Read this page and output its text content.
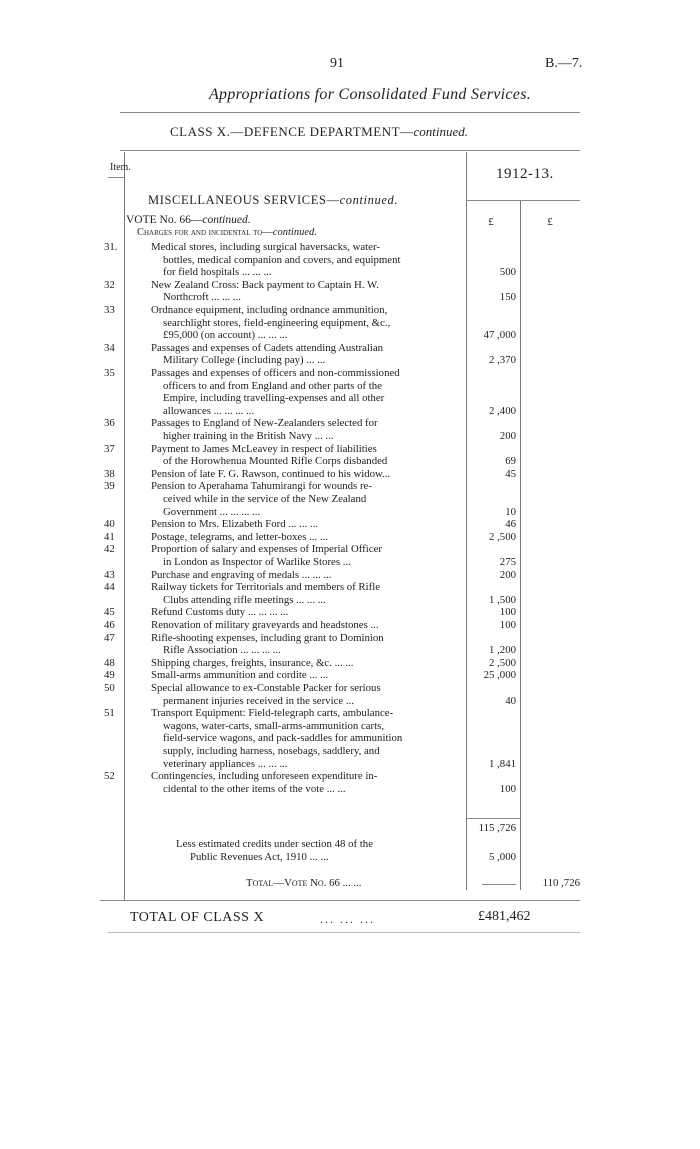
91	B.—7.
Appropriations for Consolidated Fund Services.
CLASS X.—DEFENCE DEPARTMENT—continued.
Item.	1912-13.
MISCELLANEOUS SERVICES—continued.
£	£
VOTE No. 66—continued.
Charges for and incidental to—continued.
31.	Medical stores, including surgical haversacks, water-
bottles, medical companion and covers, and equipment
for field hospitals ... ... ...	500
32	New Zealand Cross: Back payment to Captain H. W.
Northcroft ... ... ...	150
33	Ordnance equipment, including ordnance ammunition,
searchlight stores, field-engineering equipment, &c.,
£95,000 (on account) ... ... ...	47 ,000
34	Passages and expenses of Cadets attending Australian
Military College (including pay) ... ...	2 ,370
35	Passages and expenses of officers and non-commissioned
officers to and from England and other parts of the
Empire, including travelling-expenses and all other
allowances ... ... ... ...	2 ,400
36	Passages to England of New-Zealanders selected for
higher training in the British Navy ... ...	200
37	Payment to James McLeavey in respect of liabilities
of the Horowhenua Mounted Rifle Corps disbanded	69
38	Pension of late F. G. Rawson, continued to his widow...	45
39	Pension to Aperahama Tahumirangi for wounds re-
ceived while in the service of the New Zealand
Government ... ... ... ...	10
40	Pension to Mrs. Elizabeth Ford ... ... ...	46
41	Postage, telegrams, and letter-boxes ... ...	2 ,500
42	Proportion of salary and expenses of Imperial Officer
in London as Inspector of Warlike Stores ...	275
43	Purchase and engraving of medals ... ... ...	200
44	Railway tickets for Territorials and members of Rifle
Clubs attending rifle meetings ... ... ...	1 ,500
45	Refund Customs duty ... ... ... ...	100
46	Renovation of military graveyards and headstones ...	100
47	Rifle-shooting expenses, including grant to Dominion
Rifle Association ... ... ... ...	1 ,200
48	Shipping charges, freights, insurance, &c. ... ...	2 ,500
49	Small-arms ammunition and cordite ... ...	25 ,000
50	Special allowance to ex-Constable Packer for serious
permanent injuries received in the service ...	40
51	Transport Equipment: Field-telegraph carts, ambulance-
wagons, water-carts, small-arms-ammunition carts,
field-service wagons, and pack-saddles for ammunition
supply, including harness, nosebags, saddlery, and
veterinary appliances ... ... ...	1 ,841
52	Contingencies, including unforeseen expenditure in-
cidental to the other items of the vote ... ...	100
115 ,726
Less estimated credits under section 48 of the
Public Revenues Act, 1910 ... ...	5 ,000
Total—Vote No. 66 ... ...	110 ,726
TOTAL OF CLASS X	... ... ...	£481,462
